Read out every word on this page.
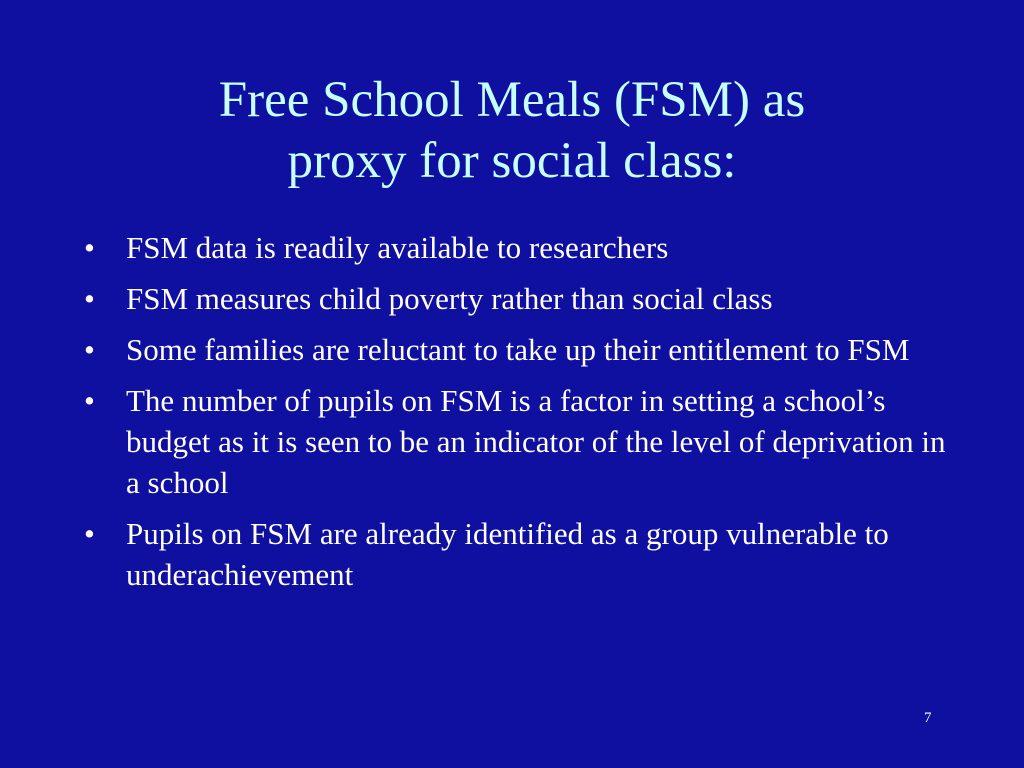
Free School Meals (FSM) as
proxy for social class:
• FSM data is readily available to researchers
• FSM measures child poverty rather than social class
• Some families are reluctant to take up their entitlement to FSM
• The number of pupils on FSM is a factor in setting a school’s budget as it is seen to be an indicator of the level of deprivation in a school
• Pupils on FSM are already identified as a group vulnerable to underachievement
7
